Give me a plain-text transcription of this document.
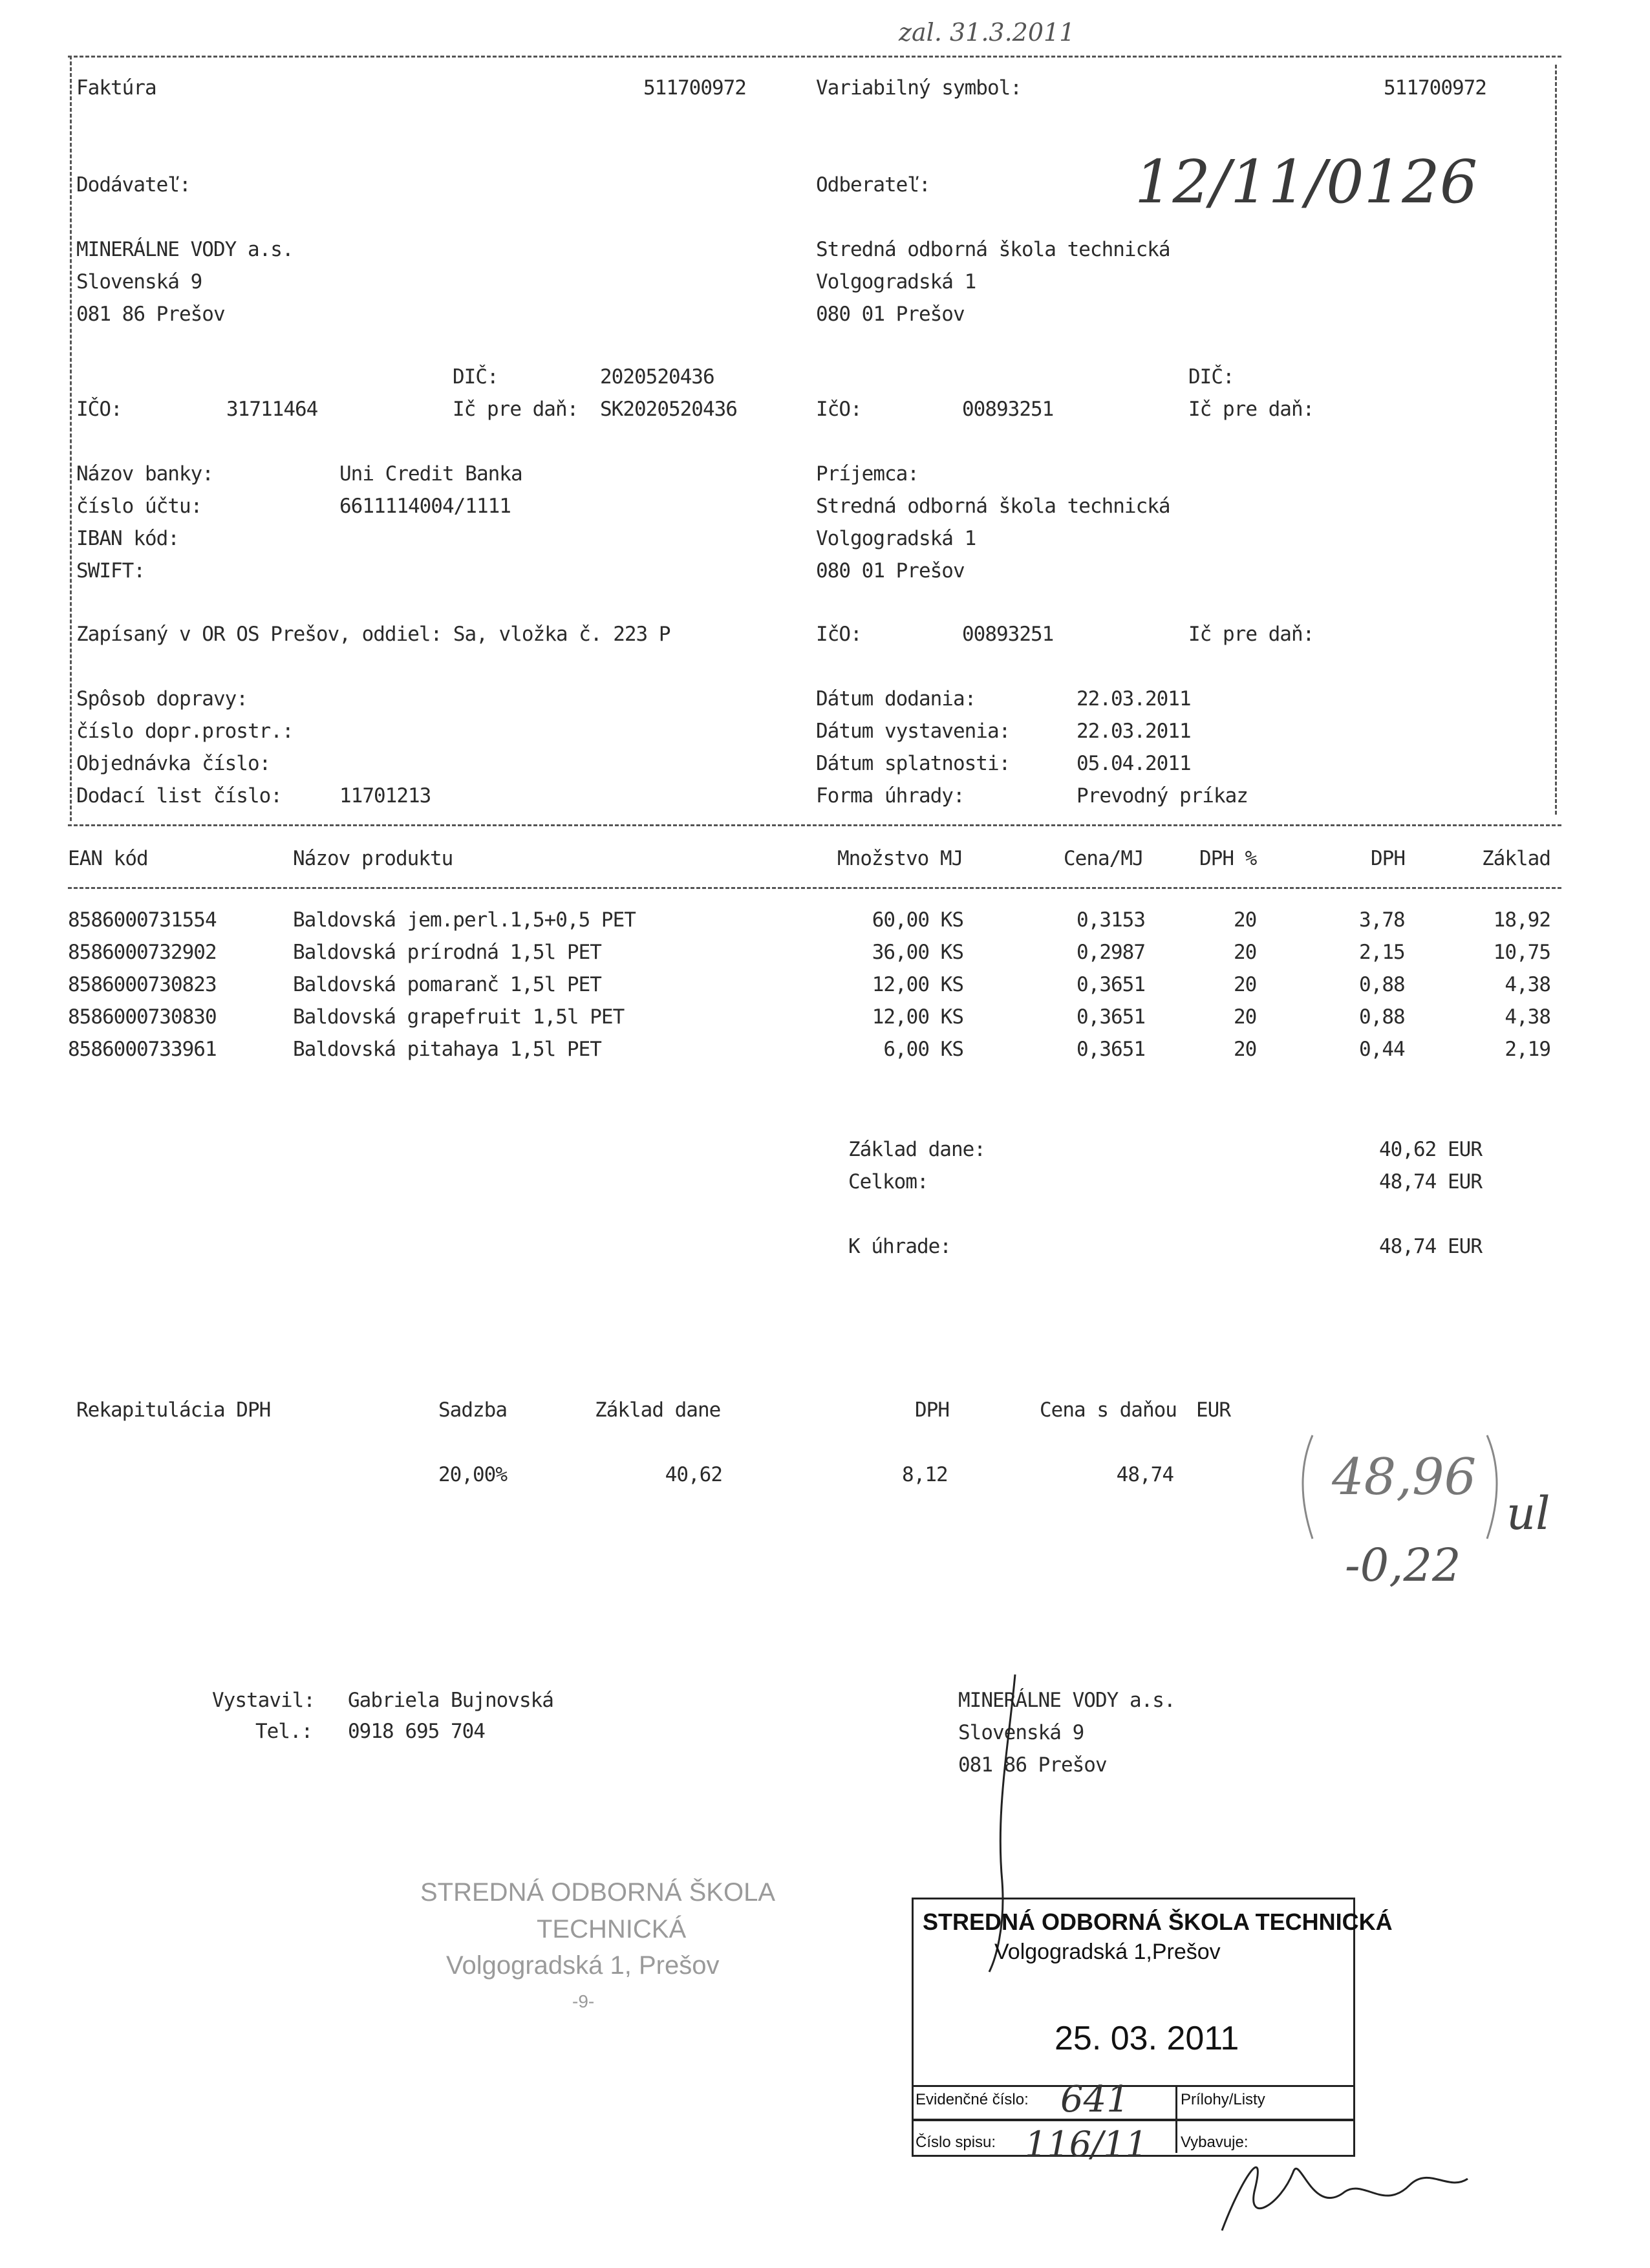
zal. 31.3.2011
Faktúra	511700972	Variabilný symbol:	511700972
12/11/0126
Dodávateľ:	Odberateľ:
MINERÁLNE VODY a.s.
Slovenská 9
081 86 Prešov
Stredná odborná škola technická
Volgogradská 1
080 01 Prešov
DIČ:	2020520436	DIČ:
IČO:	31711464	Ič pre daň: SK2020520436	IčO:	00893251	Ič pre daň:
Názov banky:	Uni Credit Banka
číslo účtu:	6611114004/1111
IBAN kód:
SWIFT:
Príjemca:
Stredná odborná škola technická
Volgogradská 1
080 01 Prešov
Zapísaný v OR OS Prešov, oddiel: Sa, vložka č. 223 P	IčO:	00893251	Ič pre daň:
Spôsob dopravy:
číslo dopr.prostr.:
Objednávka číslo:
Dodací list číslo:	11701213
Dátum dodania:	22.03.2011
Dátum vystavenia:	22.03.2011
Dátum splatnosti:	05.04.2011
Forma úhrady:	Prevodný príkaz
EAN kód	Názov produktu	Množstvo MJ	Cena/MJ	DPH %	DPH	Základ
8586000731554	Baldovská jem.perl.1,5+0,5 PET	60,00 KS	0,3153	20	3,78	18,92
8586000732902	Baldovská prírodná 1,5l PET	36,00 KS	0,2987	20	2,15	10,75
8586000730823	Baldovská pomaranč 1,5l PET	12,00 KS	0,3651	20	0,88	4,38
8586000730830	Baldovská grapefruit 1,5l PET	12,00 KS	0,3651	20	0,88	4,38
8586000733961	Baldovská pitahaya 1,5l PET	6,00 KS	0,3651	20	0,44	2,19
Základ dane:	40,62 EUR
Celkom:	48,74 EUR
K úhrade:	48,74 EUR
Rekapitulácia DPH	Sadzba	Základ dane	DPH	Cena s daňou EUR
20,00%	40,62	8,12	48,74	48,96
-0,22
ul
Vystavil: Gabriela Bujnovská
Tel.: 0918 695 704
MINERÁLNE VODY a.s.
Slovenská 9
081 86 Prešov
STREDNÁ ODBORNÁ ŠKOLA
TECHNICKÁ
Volgogradská 1, Prešov
-9-
STREDNÁ ODBORNÁ ŠKOLA TECHNICKÁ
Volgogradská 1,Prešov
25. 03. 2011
Evidenčné číslo: 641	Prílohy/Listy
Číslo spisu: 116/11 Vybavuje:
